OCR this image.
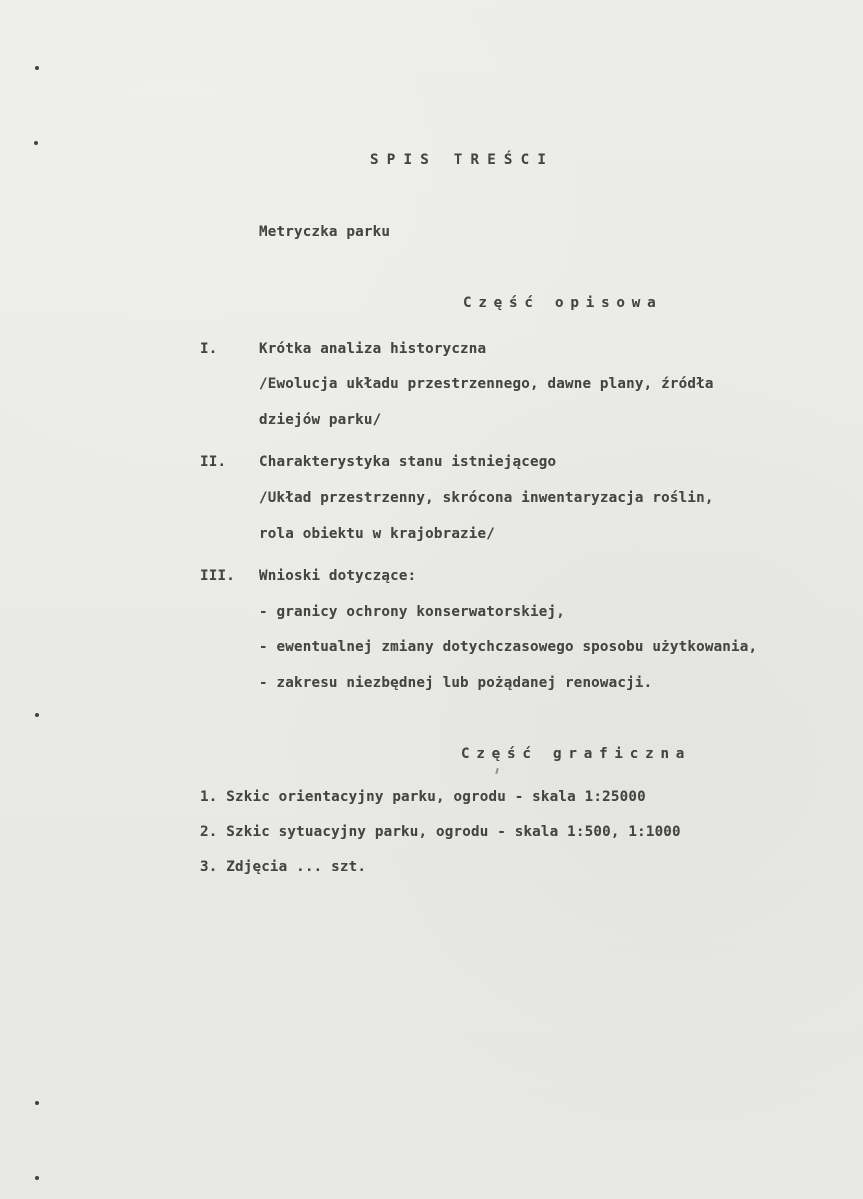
SPIS TREŚCI
Metryczka parku
Część opisowa
I.	Krótka analiza historyczna
/Ewolucja układu przestrzennego, dawne plany, źródła
dziejów parku/
II. Charakterystyka stanu istniejącego
/Układ przestrzenny, skrócona inwentaryzacja roślin,
rola obiektu w krajobrazie/
III. Wnioski dotyczące:
- granicy ochrony konserwatorskiej,
- ewentualnej zmiany dotychczasowego sposobu użytkowania,
- zakresu niezbędnej lub pożądanej renowacji.
Część graficzna
1. Szkic orientacyjny parku, ogrodu - skala 1:25000
2. Szkic sytuacyjny parku, ogrodu - skala 1:500, 1:1000
3. Zdjęcia ... szt.
